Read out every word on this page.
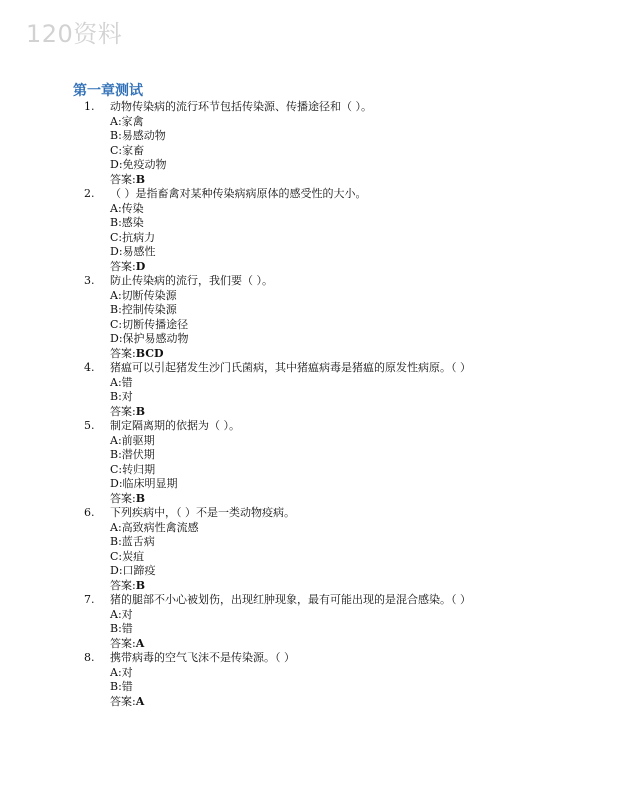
120资料
第一章测试
1. 动物传染病的流行环节包括传染源、传播途径和（ ）。
A:家禽
B:易感动物
C:家畜
D:免疫动物
答案:B
2. （ ）是指畜禽对某种传染病病原体的感受性的大小。
A:传染
B:感染
C:抗病力
D:易感性
答案:D
3. 防止传染病的流行，我们要（ ）。
A:切断传染源
B:控制传染源
C:切断传播途径
D:保护易感动物
答案:BCD
4. 猪瘟可以引起猪发生沙门氏菌病，其中猪瘟病毒是猪瘟的原发性病原。（ ）
A:错
B:对
答案:B
5. 制定隔离期的依据为（ ）。
A:前驱期
B:潜伏期
C:转归期
D:临床明显期
答案:B
6. 下列疾病中，（ ）不是一类动物疫病。
A:高致病性禽流感
B:蓝舌病
C:炭疽
D:口蹄疫
答案:B
7. 猪的腿部不小心被划伤，出现红肿现象，最有可能出现的是混合感染。（ ）
A:对
B:错
答案:A
8. 携带病毒的空气飞沫不是传染源。（ ）
A:对
B:错
答案:A
